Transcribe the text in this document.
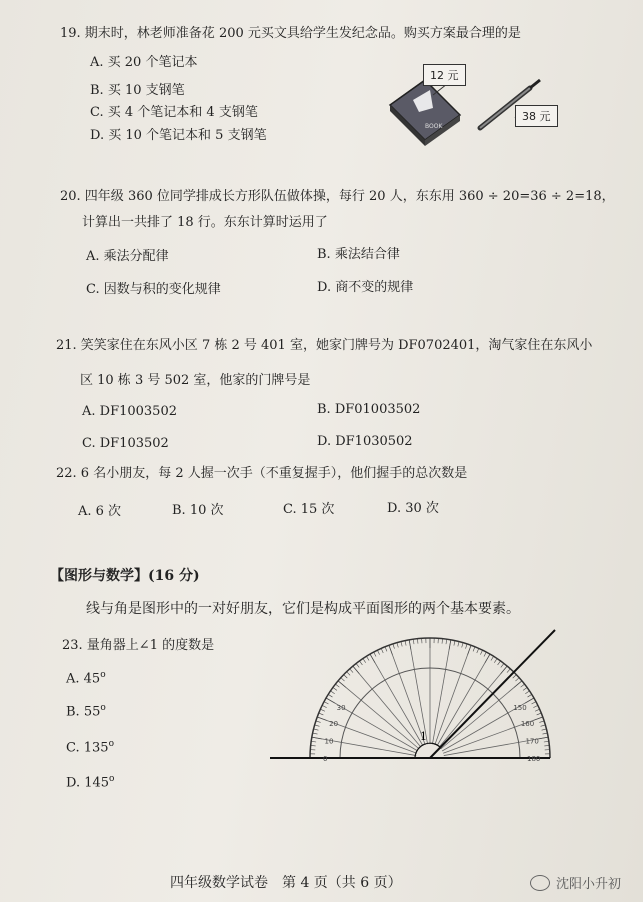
19. 期末时，林老师准备花 200 元买文具给学生发纪念品。购买方案最合理的是
A. 买 20 个笔记本
B. 买 10 支钢笔
C. 买 4 个笔记本和 4 支钢笔
D. 买 10 个笔记本和 5 支钢笔
BOOK
12 元
38 元
20. 四年级 360 位同学排成长方形队伍做体操，每行 20 人，东东用 360 ÷ 20=36 ÷ 2=18，
计算出一共排了 18 行。东东计算时运用了
A. 乘法分配律	B. 乘法结合律
C. 因数与积的变化规律	D. 商不变的规律
21. 笑笑家住在东风小区 7 栋 2 号 401 室，她家门牌号为 DF0702401，淘气家住在东风小
区 10 栋 3 号 502 室，他家的门牌号是
A. DF1003502	B. DF01003502
C. DF103502	D. DF1030502
22. 6 名小朋友，每 2 人握一次手（不重复握手），他们握手的总次数是
A. 6 次	B. 10 次	C. 15 次	D. 30 次
【图形与数学】(16 分)
线与角是图形中的一对好朋友，它们是构成平面图形的两个基本要素。
23. 量角器上∠1 的度数是
A. 45$^o$
B. 55$^o$
C. 135$^o$
D. 145$^o$
1
0
10
20
30	150
160
170
180
四年级数学试卷　第 4 页（共 6 页）	沈阳小升初
